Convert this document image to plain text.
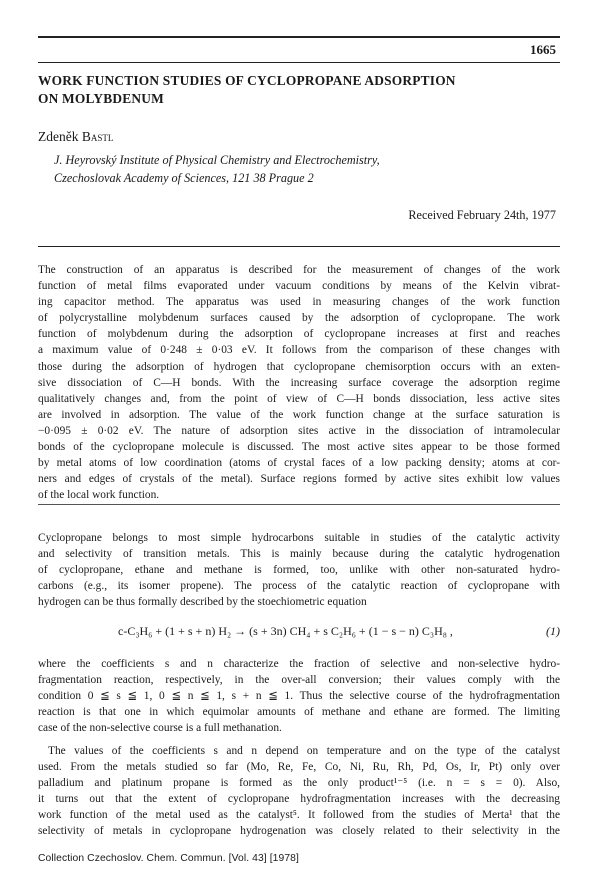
1665
WORK FUNCTION STUDIES OF CYCLOPROPANE ADSORPTION
ON MOLYBDENUM
Zdeněk Bastl
J. Heyrovský Institute of Physical Chemistry and Electrochemistry,
Czechoslovak Academy of Sciences, 121 38 Prague 2
Received February 24th, 1977
The construction of an apparatus is described for the measurement of changes of the work
function of metal films evaporated under vacuum conditions by means of the Kelvin vibrat-
ing capacitor method. The apparatus was used in measuring changes of the work function
of polycrystalline molybdenum surfaces caused by the adsorption of cyclopropane. The work
function of molybdenum during the adsorption of cyclopropane increases at first and reaches
a maximum value of 0·248 ± 0·03 eV. It follows from the comparison of these changes with
those during the adsorption of hydrogen that cyclopropane chemisorption occurs with an exten-
sive dissociation of C—H bonds. With the increasing surface coverage the adsorption regime
qualitatively changes and, from the point of view of C—H bonds dissociation, less active sites
are involved in adsorption. The value of the work function change at the surface saturation is
−0·095 ± 0·02 eV. The nature of adsorption sites active in the dissociation of intramolecular
bonds of the cyclopropane molecule is discussed. The most active sites appear to be those formed
by metal atoms of low coordination (atoms of crystal faces of a low packing density; atoms at cor-
ners and edges of crystals of the metal). Surface regions formed by active sites exhibit low values
of the local work function.
Cyclopropane belongs to most simple hydrocarbons suitable in studies of the catalytic activity
and selectivity of transition metals. This is mainly because during the catalytic hydrogenation
of cyclopropane, ethane and methane is formed, too, unlike with other non-saturated hydro-
carbons (e.g., its isomer propene). The process of the catalytic reaction of cyclopropane with
hydrogen can be thus formally described by the stoechiometric equation
c-C₃H₆ + (1 + s + n) H₂ → (s + 3n) CH₄ + s C₂H₆ + (1 − s − n) C₃H₈ ,	(1)
where the coefficients s and n characterize the fraction of selective and non-selective hydro-
fragmentation reaction, respectively, in the over-all conversion; their values comply with the
condition 0 ≦ s ≦ 1, 0 ≦ n ≦ 1, s + n ≦ 1. Thus the selective course of the hydrofragmentation
reaction is that one in which equimolar amounts of methane and ethane are formed. The limiting
case of the non-selective course is a full methanation.
The values of the coefficients s and n depend on temperature and on the type of the catalyst
used. From the metals studied so far (Mo, Re, Fe, Co, Ni, Ru, Rh, Pd, Os, Ir, Pt) only over
palladium and platinum propane is formed as the only product¹⁻⁵ (i.e. n = s = 0). Also,
it turns out that the extent of cyclopropane hydrofragmentation increases with the decreasing
work function of the metal used as the catalyst⁵. It followed from the studies of Merta¹ that the
selectivity of metals in cyclopropane hydrogenation was closely related to their selectivity in the
Collection Czechoslov. Chem. Commun. [Vol. 43] [1978]
